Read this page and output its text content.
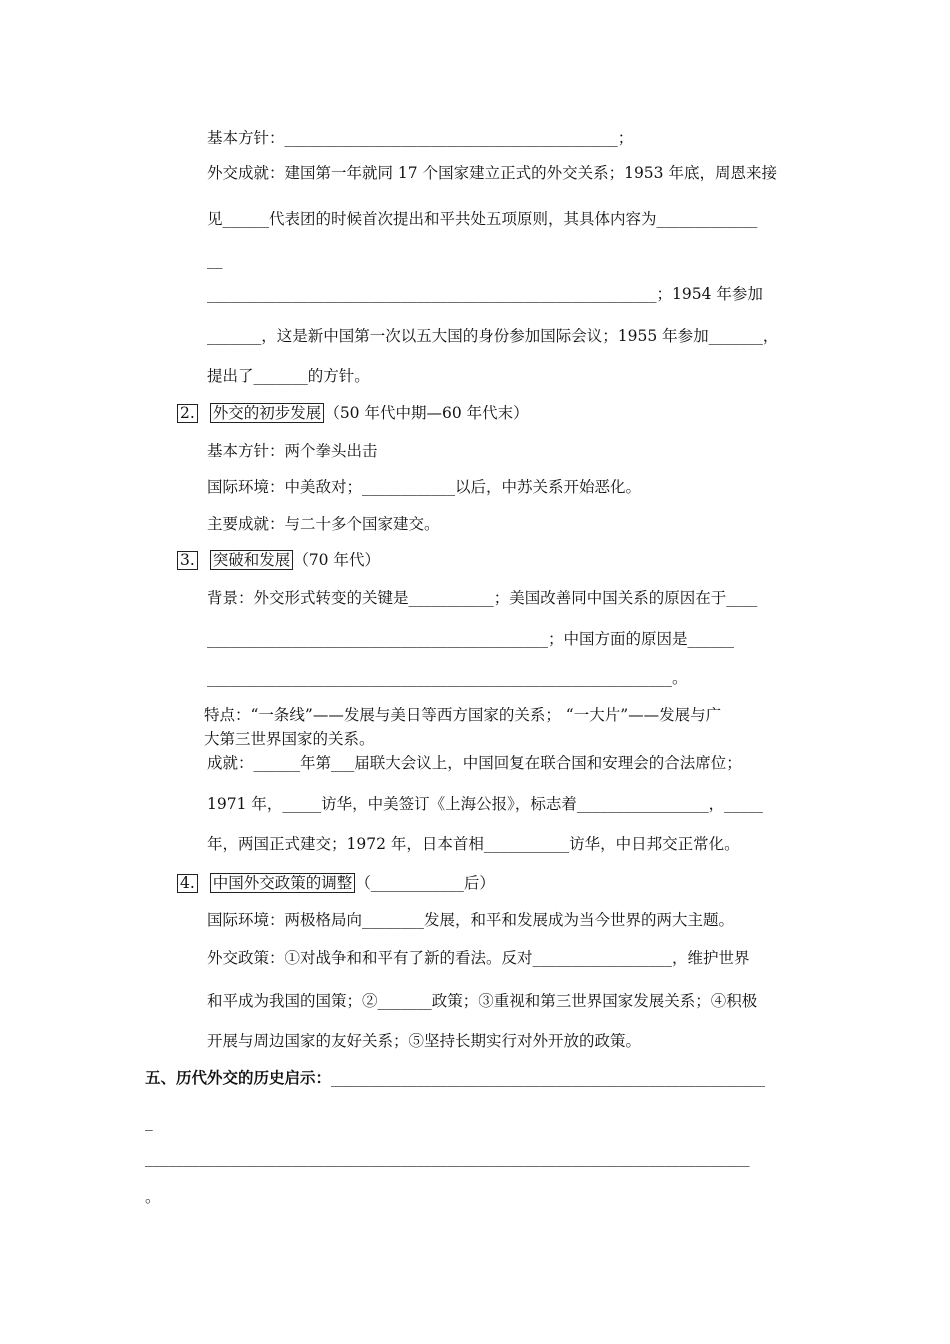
基本方针：___________________________________________；
外交成就：建国第一年就同 17 个国家建立正式的外交关系；1953 年底，周恩来接
见______代表团的时候首次提出和平共处五项原则，其具体内容为_____________
__
__________________________________________________________；1954 年参加
_______，这是新中国第一次以五大国的身份参加国际会议；1955 年参加_______，
提出了_______的方针。
2. 外交的初步发展 （50 年代中期—60 年代末）
基本方针：两个拳头出击
国际环境：中美敌对；____________以后，中苏关系开始恶化。
主要成就：与二十多个国家建交。
3. 突破和发展 （70 年代）
背景：外交形式转变的关键是___________；美国改善同中国关系的原因在于____
____________________________________________；中国方面的原因是______
____________________________________________________________。
特点：“一条线”——发展与美日等西方国家的关系； “一大片”——发展与广
大第三世界国家的关系。
成就：______年第___届联大会议上，中国回复在联合国和安理会的合法席位；
1971 年，_____访华，中美签订《上海公报》，标志着_________________，_____
年，两国正式建交；1972 年，日本首相___________访华，中日邦交正常化。
4. 中国外交政策的调整 （____________后）
国际环境：两极格局向________发展，和平和发展成为当今世界的两大主题。
外交政策：①对战争和和平有了新的看法。反对__________________，维护世界
和平成为我国的国策；②_______政策；③重视和第三世界国家发展关系；④积极
开展与周边国家的友好关系；⑤坚持长期实行对外开放的政策。
五、历代外交的历史启示：________________________________________________________
_
______________________________________________________________________________
。
